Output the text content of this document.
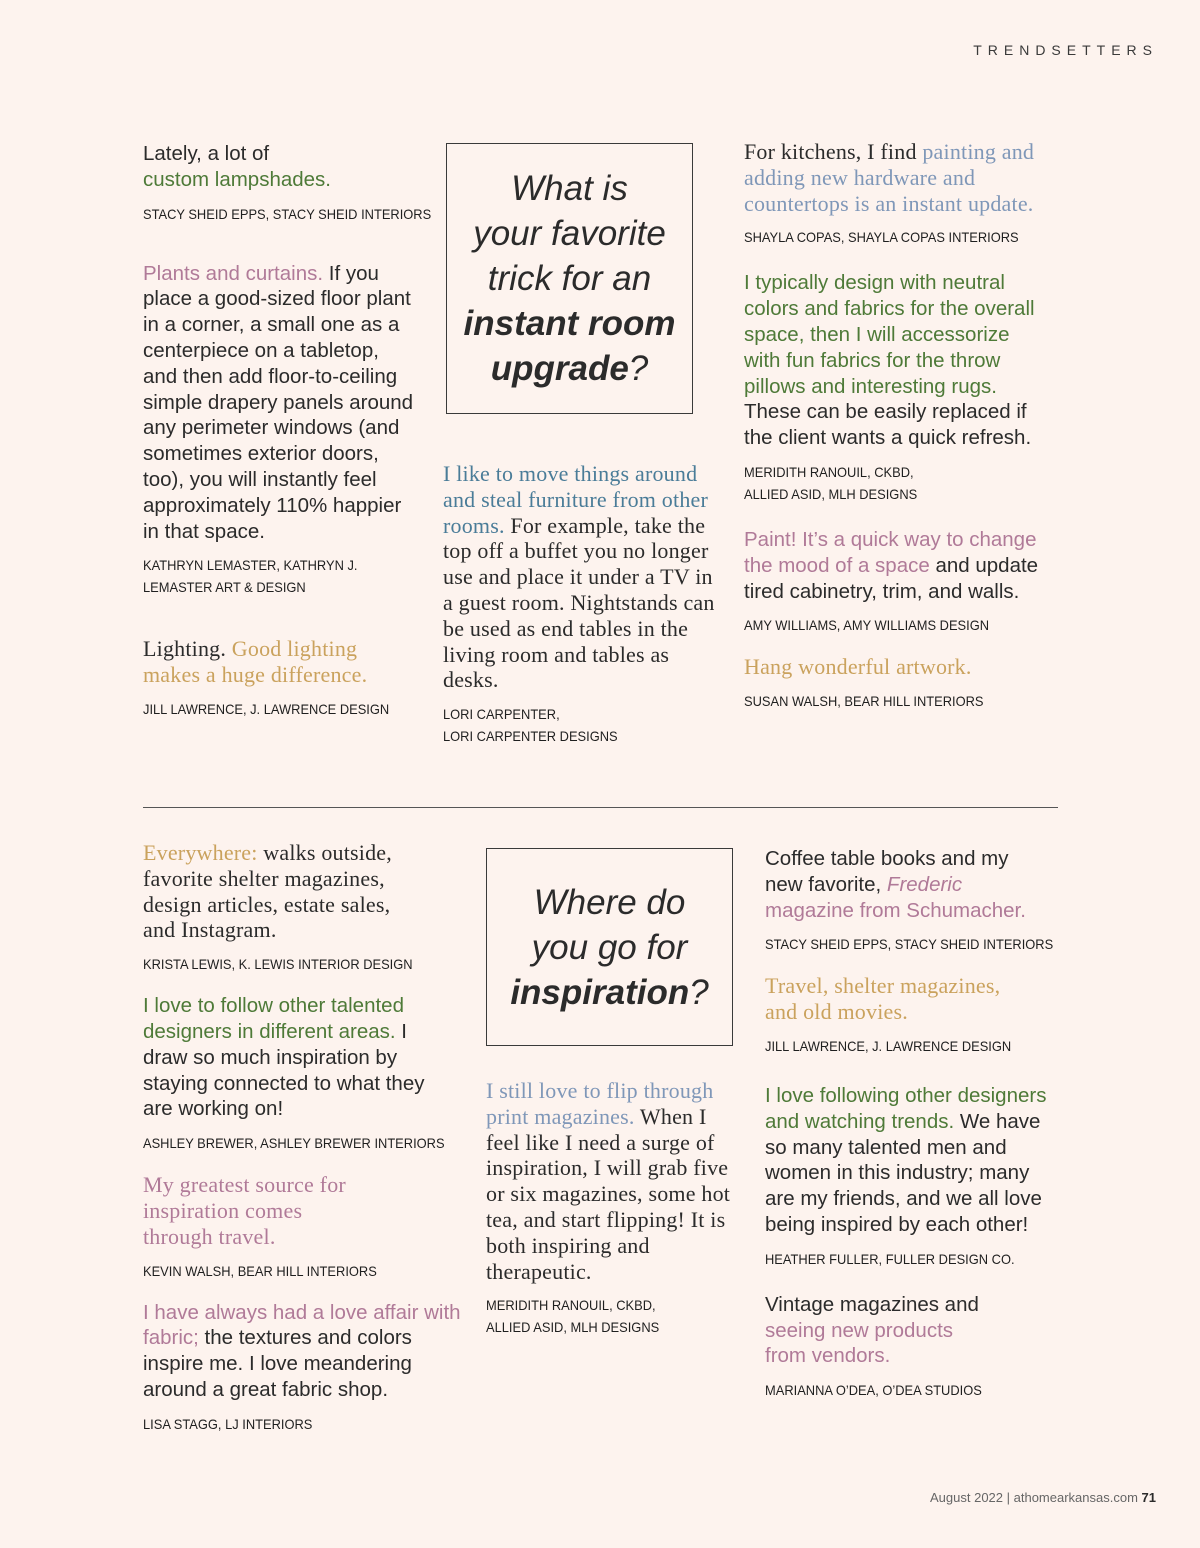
TRENDSETTERS

Lately, a lot of
custom lampshades.

STACY SHEID EPPS, STACY SHEID INTERIORS

Plants and curtains. If you place a good-sized floor plant in a corner, a small one as a centerpiece on a tabletop, and then add floor-to-ceiling simple drapery panels around any perimeter windows (and sometimes exterior doors, too), you will instantly feel approximately 110% happier in that space.

KATHRYN LEMASTER, KATHRYN J.
LEMASTER ART & DESIGN

Lighting. Good lighting makes a huge difference.

JILL LAWRENCE, J. LAWRENCE DESIGN
What is
your favorite
trick for an
instant room
upgrade?

I like to move things around and steal furniture from other rooms. For example, take the top off a buffet you no longer use and place it under a TV in a guest room. Nightstands can be used as end tables in the living room and tables as desks.

LORI CARPENTER,
LORI CARPENTER DESIGNS

For kitchens, I find painting and adding new hardware and countertops is an instant update.

SHAYLA COPAS, SHAYLA COPAS INTERIORS

I typically design with neutral colors and fabrics for the overall space, then I will accessorize with fun fabrics for the throw pillows and interesting rugs. These can be easily replaced if the client wants a quick refresh.

MERIDITH RANOUIL, CKBD,
ALLIED ASID, MLH DESIGNS

Paint! It’s a quick way to change the mood of a space and update tired cabinetry, trim, and walls.

AMY WILLIAMS, AMY WILLIAMS DESIGN

Hang wonderful artwork.

SUSAN WALSH, BEAR HILL INTERIORS

Everywhere: walks outside, favorite shelter magazines, design articles, estate sales, and Instagram.

KRISTA LEWIS, K. LEWIS INTERIOR DESIGN

I love to follow other talented designers in different areas. I draw so much inspiration by staying connected to what they are working on!

ASHLEY BREWER, ASHLEY BREWER INTERIORS

My greatest source for inspiration comes through travel.

KEVIN WALSH, BEAR HILL INTERIORS

I have always had a love affair with fabric; the textures and colors inspire me. I love meandering around a great fabric shop.

LISA STAGG, LJ INTERIORS
Where do
you go for
inspiration?

I still love to flip through print magazines. When I feel like I need a surge of inspiration, I will grab five or six magazines, some hot tea, and start flipping! It is both inspiring and therapeutic.

MERIDITH RANOUIL, CKBD,
ALLIED ASID, MLH DESIGNS

Coffee table books and my new favorite, Frederic magazine from Schumacher.

STACY SHEID EPPS, STACY SHEID INTERIORS

Travel, shelter magazines, and old movies.

JILL LAWRENCE, J. LAWRENCE DESIGN

I love following other designers and watching trends. We have so many talented men and women in this industry; many are my friends, and we all love being inspired by each other!

HEATHER FULLER, FULLER DESIGN CO.

Vintage magazines and seeing new products from vendors.

MARIANNA O’DEA, O’DEA STUDIOS
August 2022 | athomearkansas.com 71
